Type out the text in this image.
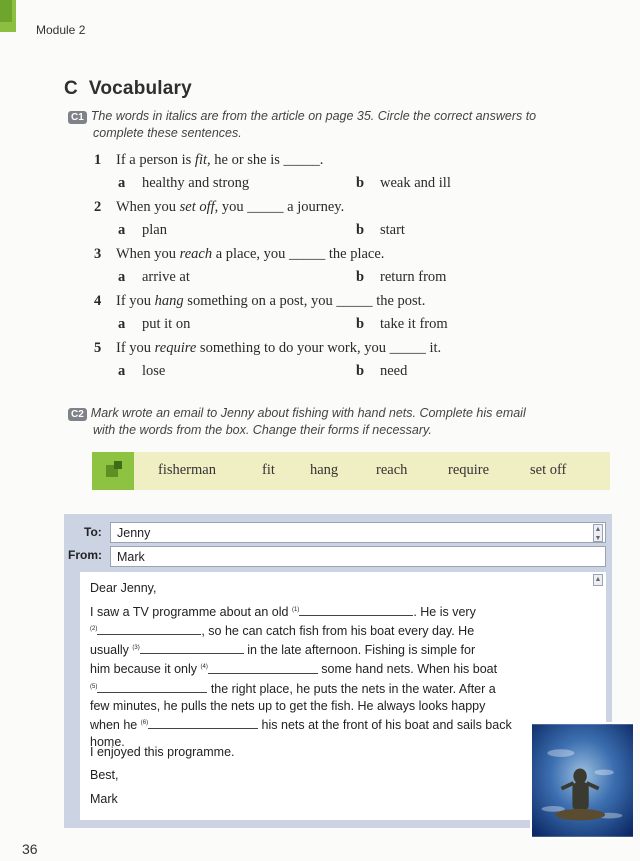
Module 2
C Vocabulary
C1 The words in italics are from the article on page 35. Circle the correct answers to
complete these sentences.
1 If a person is fit, he or she is _____.
a healthy and strong	b weak and ill
2 When you set off, you _____ a journey.
a plan	b start
3 When you reach a place, you _____ the place.
a arrive at	b return from
4 If you hang something on a post, you _____ the post.
a put it on	b take it from
5 If you require something to do your work, you _____ it.
a lose	b need
C2 Mark wrote an email to Jenny about fishing with hand nets. Complete his email
with the words from the box. Change their forms if necessary.
fisherman	fit hang	reach	require	set off
To:	Jenny	▲
▼
From:	Mark
▲
Dear Jenny,
I saw a TV programme about an old $^{(1)}$	. He is very
$^{(2)}$	, so he can catch fish from his boat every day. He
usually $^{(3)}$	in the late afternoon. Fishing is simple for
him because it only $^{(4)}$	some hand nets. When his boat
$^{(5)}$	the right place, he puts the nets in the water. After a
few minutes, he pulls the nets up to get the fish. He always looks happy
when he $^{(6)}$	his nets at the front of his boat and sails back
home.
I enjoyed this programme.
Best,
Mark
36
